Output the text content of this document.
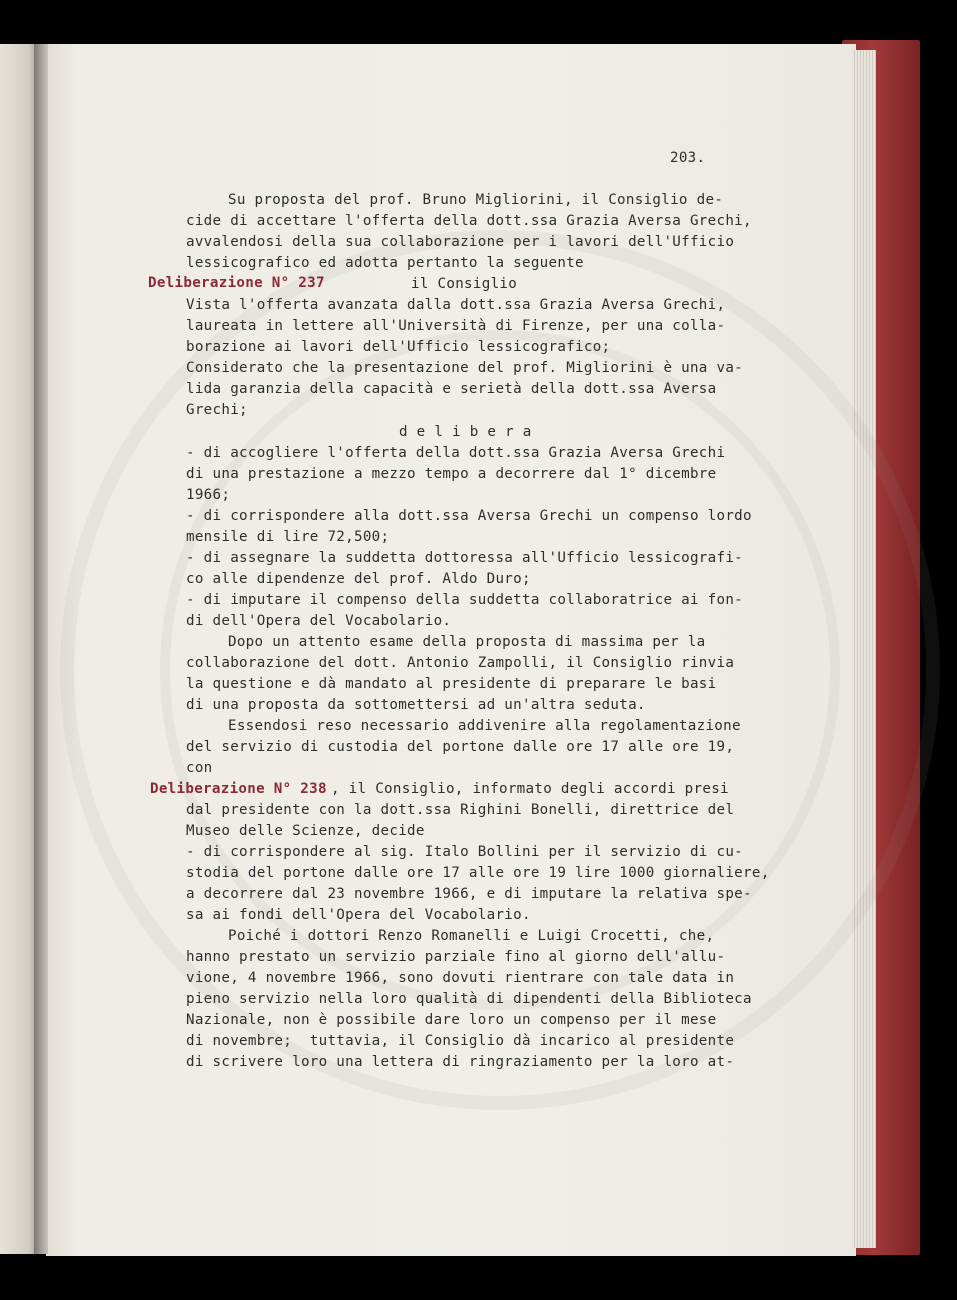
203.
Su proposta del prof. Bruno Migliorini, il Consiglio de-
cide di accettare l'offerta della dott.ssa Grazia Aversa Grechi,
avvalendosi della sua collaborazione per i lavori dell'Ufficio
lessicografico ed adotta pertanto la seguente
Deliberazione N° 237	il Consiglio
Vista l'offerta avanzata dalla dott.ssa Grazia Aversa Grechi,
laureata in lettere all'Università di Firenze, per una colla-
borazione ai lavori dell'Ufficio lessicografico;
Considerato che la presentazione del prof. Migliorini è una va-
lida garanzia della capacità e serietà della dott.ssa Aversa
Grechi;
d e l i b e r a
- di accogliere l'offerta della dott.ssa Grazia Aversa Grechi
di una prestazione a mezzo tempo a decorrere dal 1° dicembre
1966;
- di corrispondere alla dott.ssa Aversa Grechi un compenso lordo
mensile di lire 72,500;
- di assegnare la suddetta dottoressa all'Ufficio lessicografi-
co alle dipendenze del prof. Aldo Duro;
- di imputare il compenso della suddetta collaboratrice ai fon-
di dell'Opera del Vocabolario.
Dopo un attento esame della proposta di massima per la
collaborazione del dott. Antonio Zampolli, il Consiglio rinvia
la questione e dà mandato al presidente di preparare le basi
di una proposta da sottomettersi ad un'altra seduta.
Essendosi reso necessario addivenire alla regolamentazione
del servizio di custodia del portone dalle ore 17 alle ore 19,
con
Deliberazione N° 238 , il Consiglio, informato degli accordi presi
dal presidente con la dott.ssa Righini Bonelli, direttrice del
Museo delle Scienze, decide
- di corrispondere al sig. Italo Bollini per il servizio di cu-
stodia del portone dalle ore 17 alle ore 19 lire 1000 giornaliere,
a decorrere dal 23 novembre 1966, e di imputare la relativa spe-
sa ai fondi dell'Opera del Vocabolario.
Poiché i dottori Renzo Romanelli e Luigi Crocetti, che,
hanno prestato un servizio parziale fino al giorno dell'allu-
vione, 4 novembre 1966, sono dovuti rientrare con tale data in
pieno servizio nella loro qualità di dipendenti della Biblioteca
Nazionale, non è possibile dare loro un compenso per il mese
di novembre;  tuttavia, il Consiglio dà incarico al presidente
di scrivere loro una lettera di ringraziamento per la loro at-
